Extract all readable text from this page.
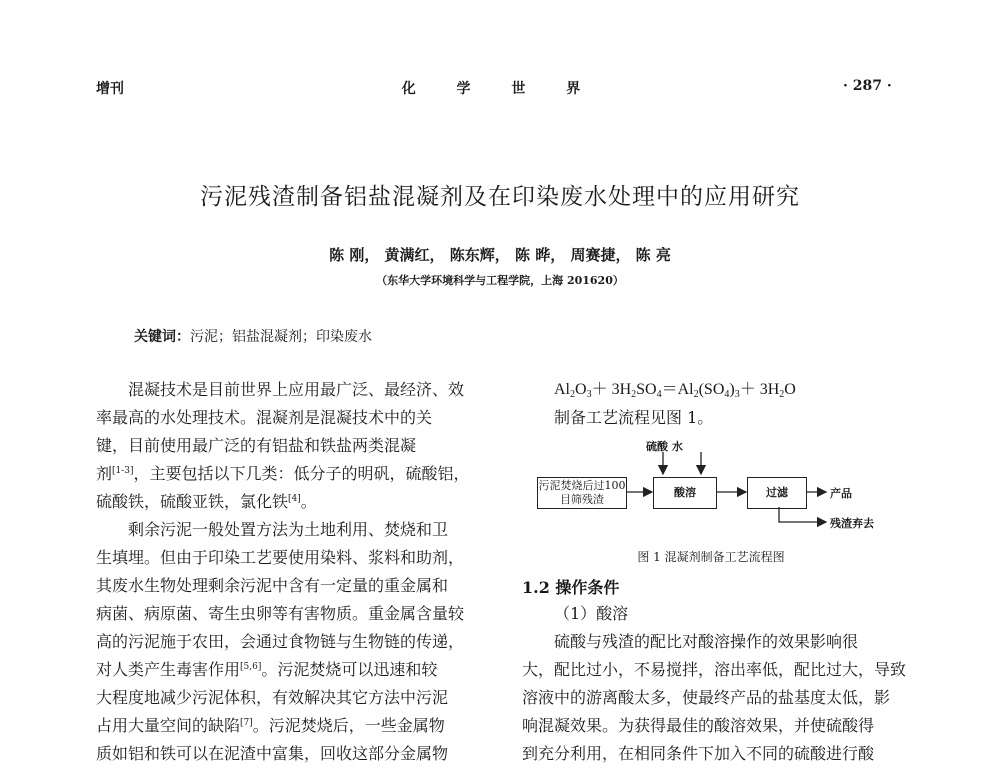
增刊	化 学 世 界	· 287 ·
污泥残渣制备铝盐混凝剂及在印染废水处理中的应用研究
陈 刚， 黄满红， 陈东辉， 陈 晔， 周赛捷， 陈 亮
（东华大学环境科学与工程学院，上海 201620）
关键词：污泥；铝盐混凝剂；印染废水
混凝技术是目前世界上应用最广泛、最经济、效
率最高的水处理技术。混凝剂是混凝技术中的关
键，目前使用最广泛的有铝盐和铁盐两类混凝
剂[1-3]，主要包括以下几类：低分子的明矾，硫酸铝，
硫酸铁，硫酸亚铁，氯化铁[4]。
剩余污泥一般处置方法为土地利用、焚烧和卫
生填埋。但由于印染工艺要使用染料、浆料和助剂，
其废水生物处理剩余污泥中含有一定量的重金属和
病菌、病原菌、寄生虫卵等有害物质。重金属含量较
高的污泥施于农田，会通过食物链与生物链的传递，
对人类产生毒害作用[5,6]。污泥焚烧可以迅速和较
大程度地减少污泥体积，有效解决其它方法中污泥
占用大量空间的缺陷[7]。污泥焚烧后，一些金属物
质如铝和铁可以在泥渣中富集，回收这部分金属物
$Al_2O_3+ 3H_2SO_4=Al_2(SO_4)_3+ 3H_2O$
制备工艺流程见图 1。
硫酸 水
污泥焚烧后过100目筛残渣
酸溶	过滤	产品
残渣弃去
图 1 混凝剂制备工艺流程图
1.2 操作条件
（1）酸溶
硫酸与残渣的配比对酸溶操作的效果影响很
大，配比过小，不易搅拌，溶出率低，配比过大，导致
溶液中的游离酸太多，使最终产品的盐基度太低，影
响混凝效果。为获得最佳的酸溶效果，并使硫酸得
到充分利用，在相同条件下加入不同的硫酸进行酸
